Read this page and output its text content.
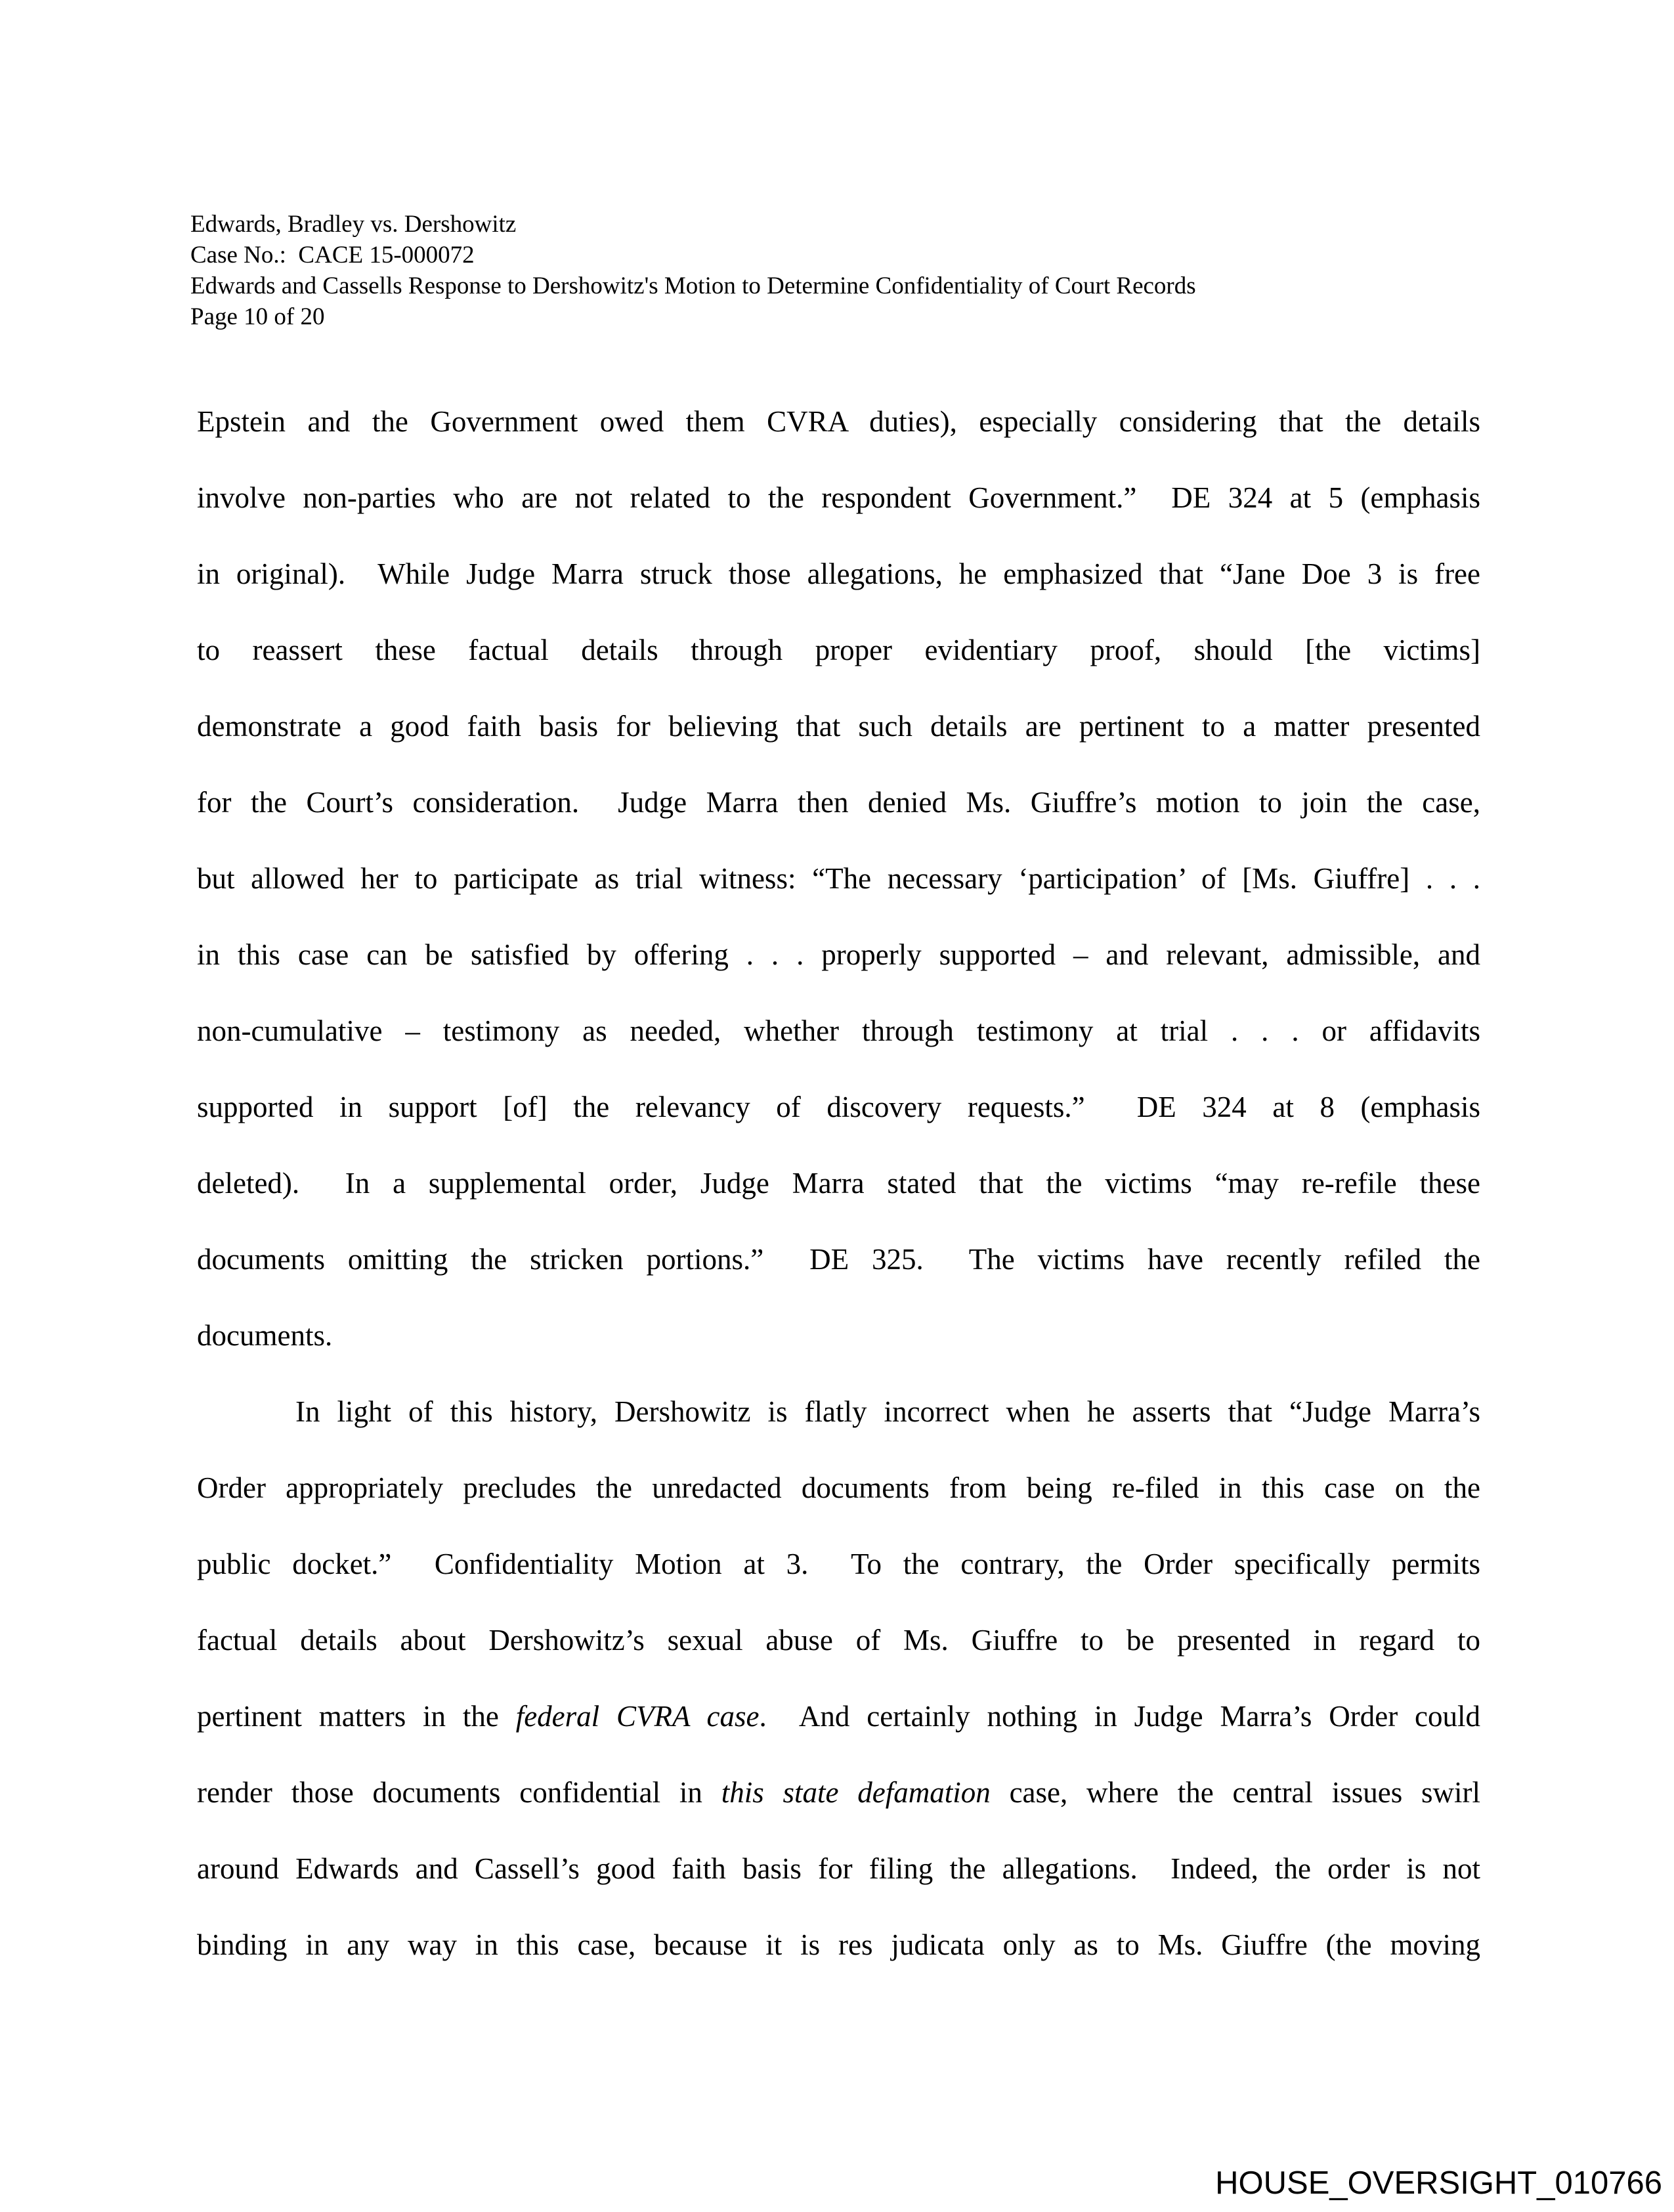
Edwards, Bradley vs. Dershowitz
Case No.:  CACE 15-000072
Edwards and Cassells Response to Dershowitz's Motion to Determine Confidentiality of Court Records
Page 10 of 20
Epstein and the Government owed them CVRA duties), especially considering that the details
involve non-parties who are not related to the respondent Government.”  DE 324 at 5 (emphasis
in original).  While Judge Marra struck those allegations, he emphasized that “Jane Doe 3 is free
to reassert these factual details through proper evidentiary proof, should [the victims]
demonstrate a good faith basis for believing that such details are pertinent to a matter presented
for the Court’s consideration.  Judge Marra then denied Ms. Giuffre’s motion to join the case,
but allowed her to participate as trial witness: “The necessary ‘participation’ of [Ms. Giuffre] . . .
in this case can be satisfied by offering . . . properly supported – and relevant, admissible, and
non-cumulative – testimony as needed, whether through testimony at trial . . . or affidavits
supported in support [of] the relevancy of discovery requests.”  DE 324 at 8 (emphasis
deleted).  In a supplemental order, Judge Marra stated that the victims “may re-refile these
documents omitting the stricken portions.”  DE 325.  The victims have recently refiled the
documents.
In light of this history, Dershowitz is flatly incorrect when he asserts that “Judge Marra’s
Order appropriately precludes the unredacted documents from being re-filed in this case on the
public docket.”  Confidentiality Motion at 3.  To the contrary, the Order specifically permits
factual details about Dershowitz’s sexual abuse of Ms. Giuffre to be presented in regard to
pertinent matters in the federal CVRA case.  And certainly nothing in Judge Marra’s Order could
render those documents confidential in this state defamation case, where the central issues swirl
around Edwards and Cassell’s good faith basis for filing the allegations.  Indeed, the order is not
binding in any way in this case, because it is res judicata only as to Ms. Giuffre (the moving
HOUSE_OVERSIGHT_010766
